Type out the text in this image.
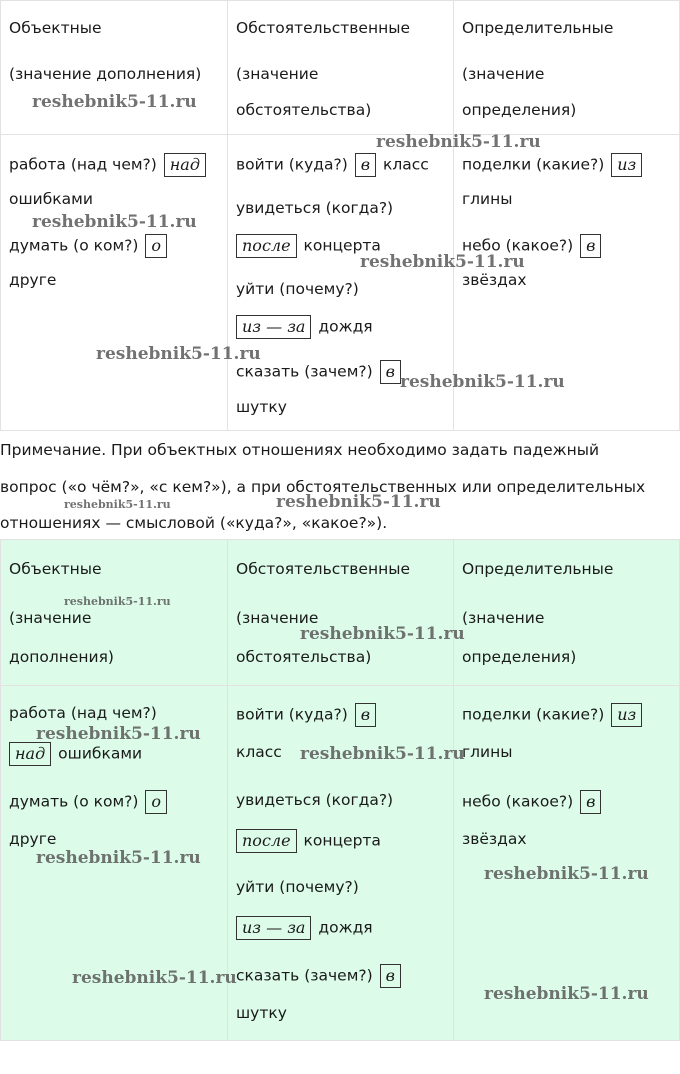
Объектные
(значение дополнения)
Обстоятельственные
(значение
обстоятельства)
Определительные
(значение
определения)
работа (над чем?) над
ошибками
думать (о ком?) о
друге
войти (куда?) в класс
увидеться (когда?)
после концерта
уйти (почему?)
из — за дождя
сказать (зачем?) в
шутку
поделки (какие?) из
глины
небо (какое?) в
звёздах
Примечание. При объектных отношениях необходимо задать падежный
вопрос («о чём?», «с кем?»), а при обстоятельственных или определительных
отношениях — смысловой («куда?», «какое?»).
Объектные
(значение
дополнения)
Обстоятельственные
(значение
обстоятельства)
Определительные
(значение
определения)
работа (над чем?)
над ошибками
думать (о ком?) о
друге
войти (куда?) в
класс
увидеться (когда?)
после концерта
уйти (почему?)
из — за дождя
сказать (зачем?) в
шутку
поделки (какие?) из
глины
небо (какое?) в
звёздах
reshebnik5-11.ru
reshebnik5-11.ru
reshebnik5-11.ru
reshebnik5-11.ru
reshebnik5-11.ru
reshebnik5-11.ru
reshebnik5-11.ru	reshebnik5-11.ru
reshebnik5-11.ru
reshebnik5-11.ru
reshebnik5-11.ru
reshebnik5-11.ru
reshebnik5-11.ru
reshebnik5-11.ru
reshebnik5-11.ru
reshebnik5-11.ru
